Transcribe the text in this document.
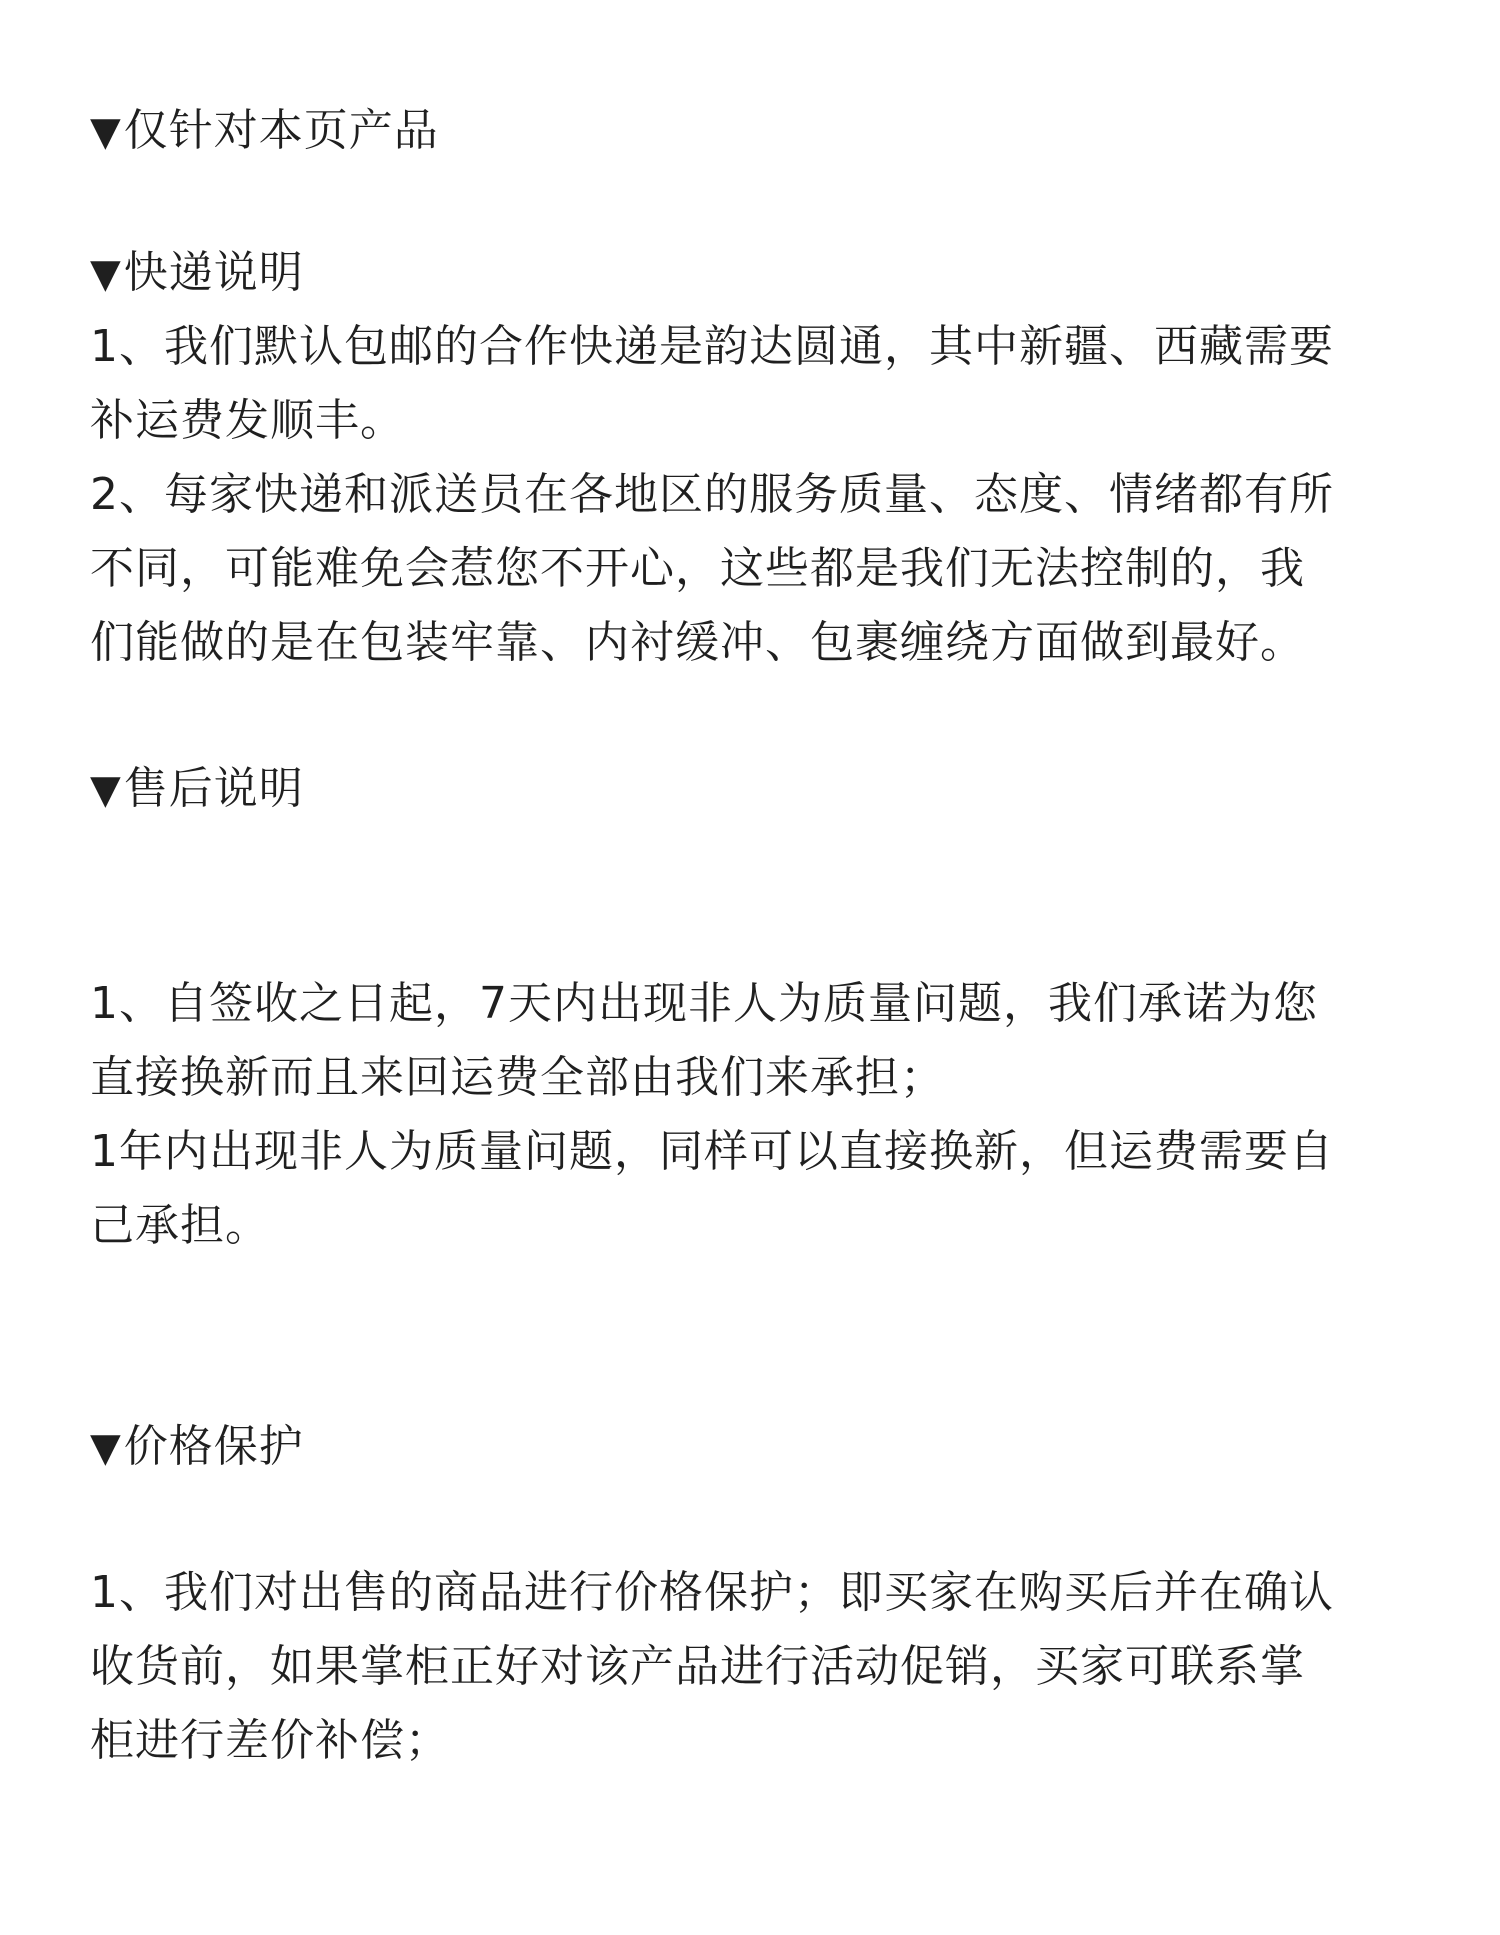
▼仅针对本页产品

▼快递说明

1、我们默认包邮的合作快递是韵达圆通，其中新疆、西藏需要

补运费发顺丰。

2、每家快递和派送员在各地区的服务质量、态度、情绪都有所

不同，可能难免会惹您不开心，这些都是我们无法控制的，我

们能做的是在包装牢靠、内衬缓冲、包裹缠绕方面做到最好。

▼售后说明

1、自签收之日起，7天内出现非人为质量问题，我们承诺为您

直接换新而且来回运费全部由我们来承担；

1年内出现非人为质量问题，同样可以直接换新，但运费需要自

己承担。

▼价格保护

1、我们对出售的商品进行价格保护；即买家在购买后并在确认

收货前，如果掌柜正好对该产品进行活动促销，买家可联系掌

柜进行差价补偿；
